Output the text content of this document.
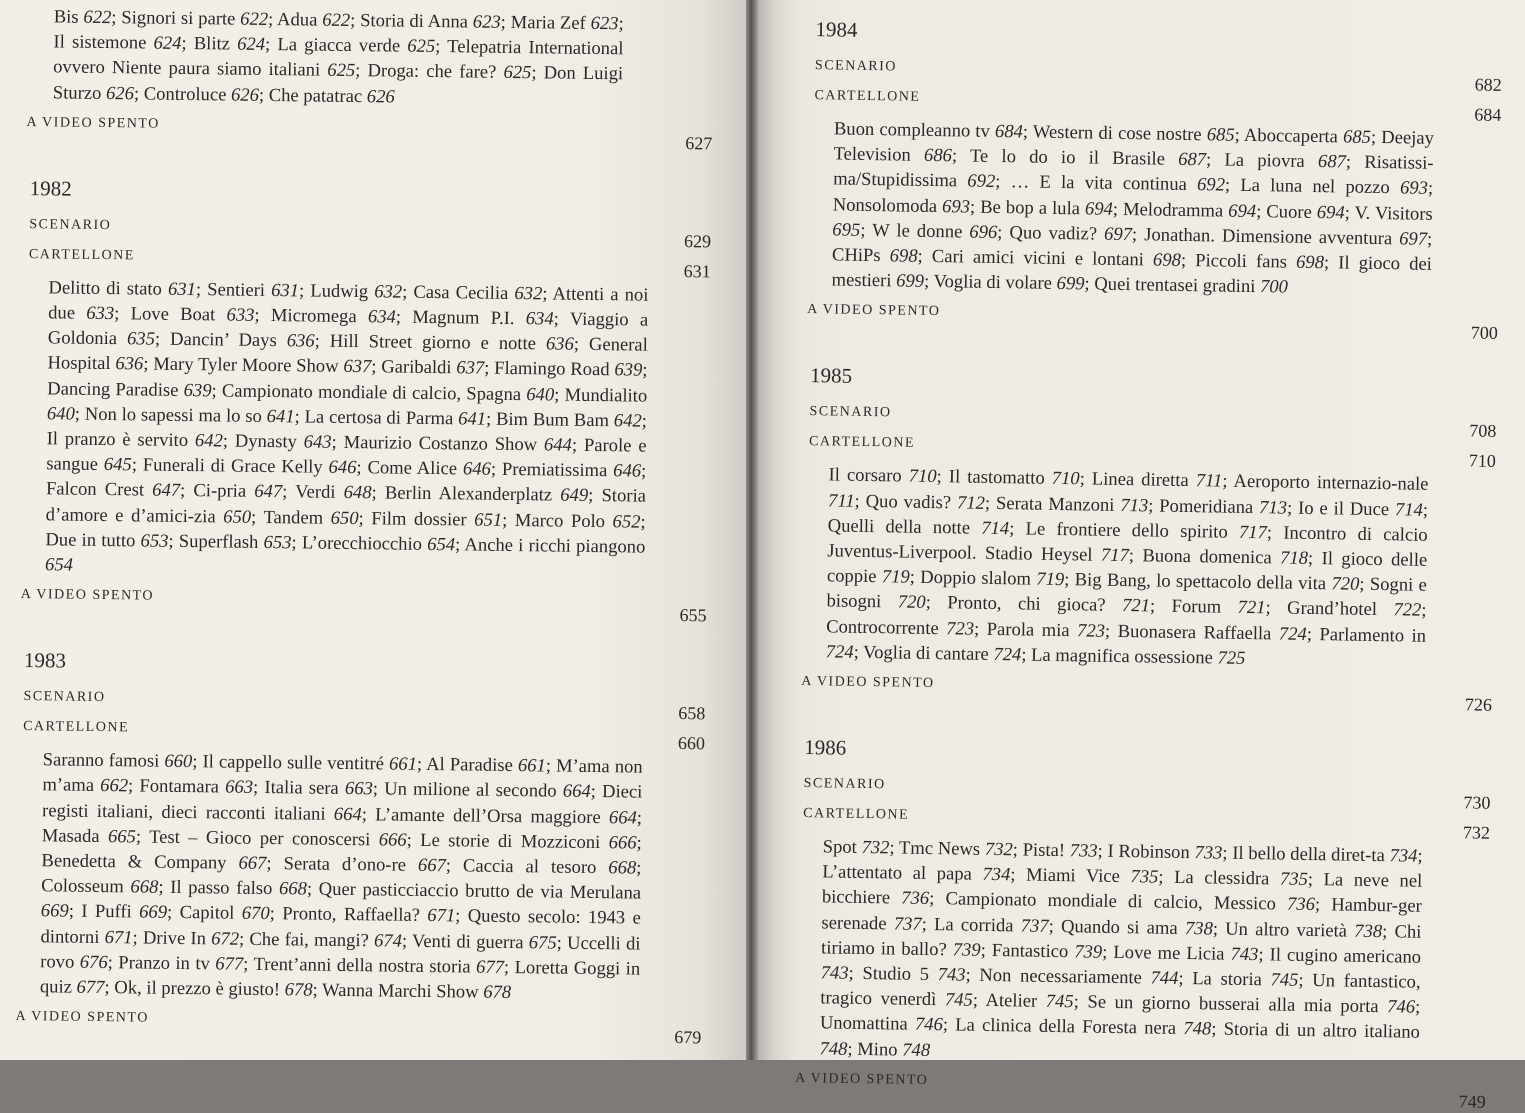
Bis 622; Signori si parte 622; Adua 622; Storia di Anna 623; Maria Zef 623; Il sistemone 624; Blitz 624; La giacca verde 625; Telepatria International ovvero Niente paura siamo italiani 625; Droga: che fare? 625; Don Luigi Sturzo 626; Controluce 626; Che patatrac 626
A VIDEO SPENTO
627
1982
SCENARIO
629
CARTELLONE
631
Delitto di stato 631; Sentieri 631; Ludwig 632; Casa Cecilia 632; Attenti a noi due 633; Love Boat 633; Micromega 634; Magnum P.I. 634; Viaggio a Goldonia 635; Dancin’ Days 636; Hill Street giorno e notte 636; General Hospital 636; Mary Tyler Moore Show 637; Garibaldi 637; Flamingo Road 639; Dancing Paradise 639; Campionato mondiale di calcio, Spagna 640; Mundialito 640; Non lo sapessi ma lo so 641; La certosa di Parma 641; Bim Bum Bam 642; Il pranzo è servito 642; Dynasty 643; Maurizio Costanzo Show 644; Parole e sangue 645; Funerali di Grace Kelly 646; Come Alice 646; Premiatissima 646; Falcon Crest 647; Ci-pria 647; Verdi 648; Berlin Alexanderplatz 649; Storia d’amore e d’amici-zia 650; Tandem 650; Film dossier 651; Marco Polo 652; Due in tutto 653; Superflash 653; L’orecchiocchio 654; Anche i ricchi piangono 654
A VIDEO SPENTO
655
1983
SCENARIO
658
CARTELLONE
660
Saranno famosi 660; Il cappello sulle ventitré 661; Al Paradise 661; M’ama non m’ama 662; Fontamara 663; Italia sera 663; Un milione al secondo 664; Dieci registi italiani, dieci racconti italiani 664; L’amante dell’Orsa maggiore 664; Masada 665; Test – Gioco per conoscersi 666; Le storie di Mozziconi 666; Benedetta & Company 667; Serata d’ono-re 667; Caccia al tesoro 668; Colosseum 668; Il passo falso 668; Quer pasticciaccio brutto de via Merulana 669; I Puffi 669; Capitol 670; Pronto, Raffaella? 671; Questo secolo: 1943 e dintorni 671; Drive In 672; Che fai, mangi? 674; Venti di guerra 675; Uccelli di rovo 676; Pranzo in tv 677; Trent’anni della nostra storia 677; Loretta Goggi in quiz 677; Ok, il prezzo è giusto! 678; Wanna Marchi Show 678
A VIDEO SPENTO
679
1984
SCENARIO
682
CARTELLONE
684
Buon compleanno tv 684; Western di cose nostre 685; Aboccaperta 685; Deejay Television 686; Te lo do io il Brasile 687; La piovra 687; Risatissi-ma/Stupidissima 692; … E la vita continua 692; La luna nel pozzo 693; Nonsolomoda 693; Be bop a lula 694; Melodramma 694; Cuore 694; V. Visitors 695; W le donne 696; Quo vadiz? 697; Jonathan. Dimensione avventura 697; CHiPs 698; Cari amici vicini e lontani 698; Piccoli fans 698; Il gioco dei mestieri 699; Voglia di volare 699; Quei trentasei gradini 700
A VIDEO SPENTO
700
1985
SCENARIO
708
CARTELLONE
710
Il corsaro 710; Il tastomatto 710; Linea diretta 711; Aeroporto internazio-nale 711; Quo vadis? 712; Serata Manzoni 713; Pomeridiana 713; Io e il Duce 714; Quelli della notte 714; Le frontiere dello spirito 717; Incontro di calcio Juventus-Liverpool. Stadio Heysel 717; Buona domenica 718; Il gioco delle coppie 719; Doppio slalom 719; Big Bang, lo spettacolo della vita 720; Sogni e bisogni 720; Pronto, chi gioca? 721; Forum 721; Grand’hotel 722; Controcorrente 723; Parola mia 723; Buonasera Raffaella 724; Parlamento in 724; Voglia di cantare 724; La magnifica ossessione 725
A VIDEO SPENTO
726
1986
SCENARIO
730
CARTELLONE
732
Spot 732; Tmc News 732; Pista! 733; I Robinson 733; Il bello della diret-ta 734; L’attentato al papa 734; Miami Vice 735; La clessidra 735; La neve nel bicchiere 736; Campionato mondiale di calcio, Messico 736; Hambur-ger serenade 737; La corrida 737; Quando si ama 738; Un altro varietà 738; Chi tiriamo in ballo? 739; Fantastico 739; Love me Licia 743; Il cugino americano 743; Studio 5 743; Non necessariamente 744; La storia 745; Un fantastico, tragico venerdì 745; Atelier 745; Se un giorno busserai alla mia porta 746; Unomattina 746; La clinica della Foresta nera 748; Storia di un altro italiano 748; Mino 748
A VIDEO SPENTO
749
